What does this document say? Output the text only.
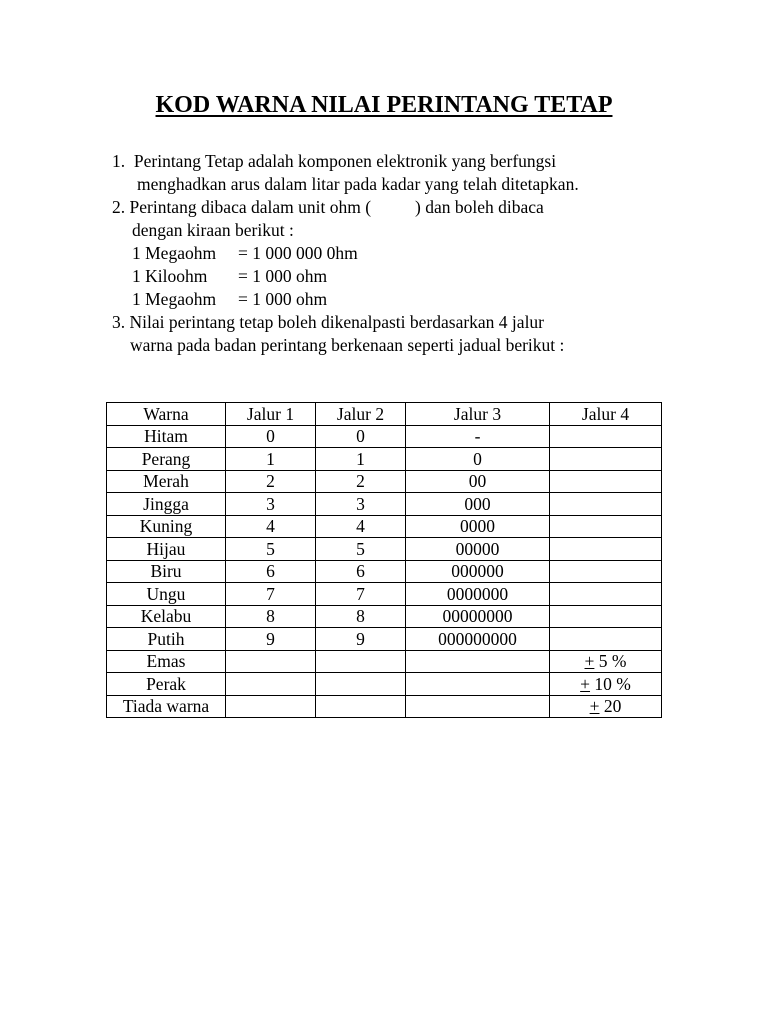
KOD WARNA NILAI PERINTANG TETAP
1. Perintang Tetap adalah komponen elektronik yang berfungsi
menghadkan arus dalam litar pada kadar yang telah ditetapkan.
2. Perintang dibaca dalam unit ohm (	) dan boleh dibaca
dengan kiraan berikut :
1 Megaohm = 1 000 000 0hm
1 Kiloohm = 1 000 ohm
1 Megaohm = 1 000 ohm
3. Nilai perintang tetap boleh dikenalpasti berdasarkan 4 jalur
warna pada badan perintang berkenaan seperti jadual berikut :
Warna	Jalur 1	Jalur 2	Jalur 3	Jalur 4
Hitam	0	0	-	
Perang	1	1	0	
Merah	2	2	00	
Jingga	3	3	000	
Kuning	4	4	0000	
Hijau	5	5	00000	
Biru	6	6	000000	
Ungu	7	7	0000000	
Kelabu	8	8	00000000	
Putih	9	9	000000000	
Emas				+ 5 %
Perak				+ 10 %
Tiada warna				+ 20
